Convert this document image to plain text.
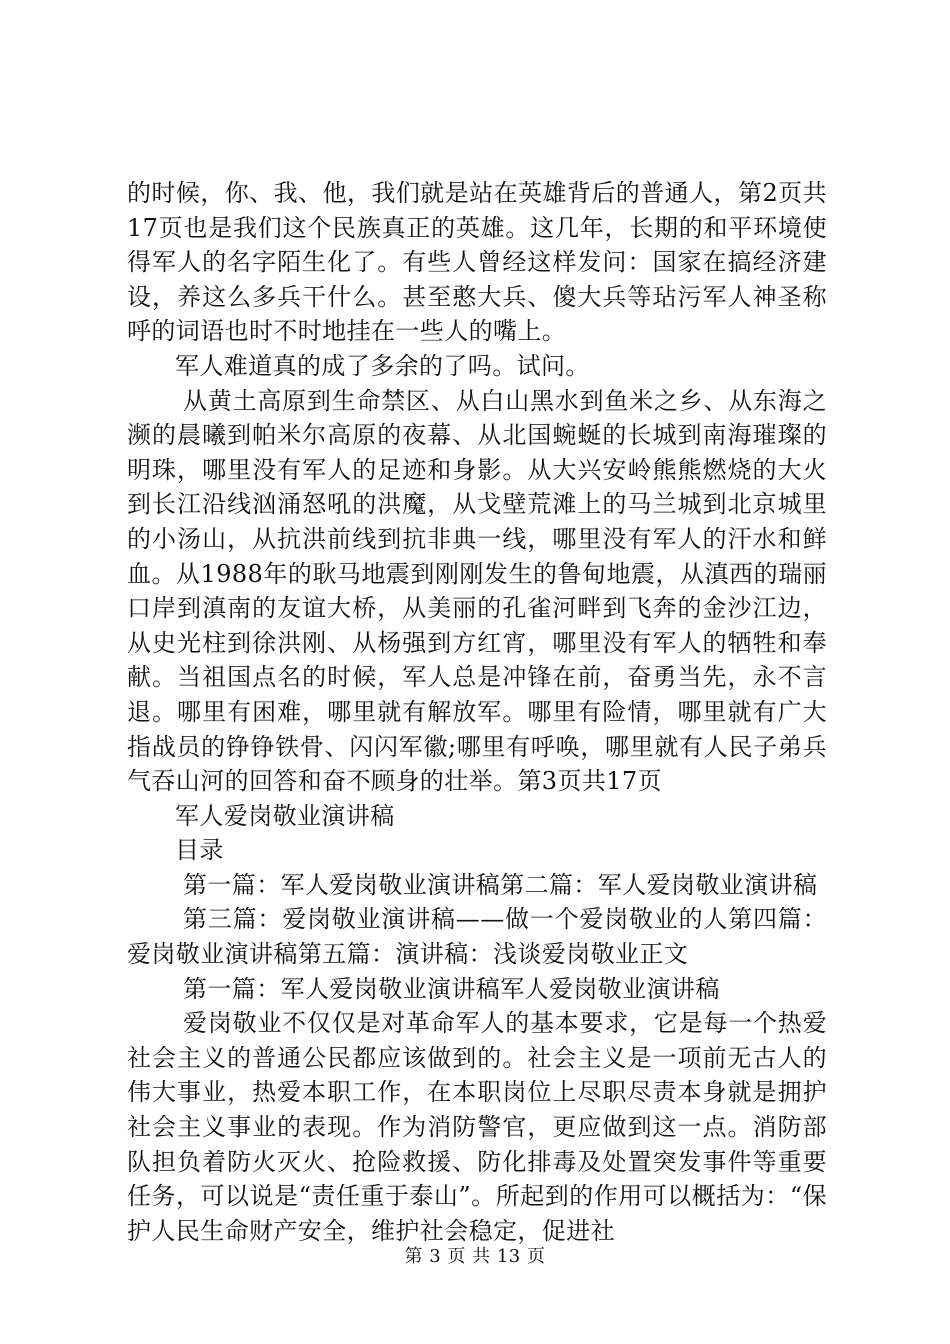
的时候，你、我、他，我们就是站在英雄背后的普通人，第2页共17页也是我们这个民族真正的英雄。这几年，长期的和平环境使得军人的名字陌生化了。有些人曾经这样发问：国家在搞经济建设，养这么多兵干什么。甚至憨大兵、傻大兵等玷污军人神圣称呼的词语也时不时地挂在一些人的嘴上。

军人难道真的成了多余的了吗。试问。

从黄土高原到生命禁区、从白山黑水到鱼米之乡、从东海之濒的晨曦到帕米尔高原的夜幕、从北国蜿蜒的长城到南海璀璨的明珠，哪里没有军人的足迹和身影。从大兴安岭熊熊燃烧的大火到长江沿线汹涌怒吼的洪魔，从戈壁荒滩上的马兰城到北京城里的小汤山，从抗洪前线到抗非典一线，哪里没有军人的汗水和鲜血。从1988年的耿马地震到刚刚发生的鲁甸地震，从滇西的瑞丽口岸到滇南的友谊大桥，从美丽的孔雀河畔到飞奔的金沙江边，从史光柱到徐洪刚、从杨强到方红宵，哪里没有军人的牺牲和奉献。当祖国点名的时候，军人总是冲锋在前，奋勇当先，永不言退。哪里有困难，哪里就有解放军。哪里有险情，哪里就有广大指战员的铮铮铁骨、闪闪军徽;哪里有呼唤，哪里就有人民子弟兵气吞山河的回答和奋不顾身的壮举。第3页共17页

军人爱岗敬业演讲稿

目录

第一篇：军人爱岗敬业演讲稿第二篇：军人爱岗敬业演讲稿

第三篇：爱岗敬业演讲稿——做一个爱岗敬业的人第四篇：爱岗敬业演讲稿第五篇：演讲稿：浅谈爱岗敬业正文

第一篇：军人爱岗敬业演讲稿军人爱岗敬业演讲稿

爱岗敬业不仅仅是对革命军人的基本要求，它是每一个热爱社会主义的普通公民都应该做到的。社会主义是一项前无古人的伟大事业，热爱本职工作，在本职岗位上尽职尽责本身就是拥护社会主义事业的表现。作为消防警官，更应做到这一点。消防部队担负着防火灭火、抢险救援、防化排毒及处置突发事件等重要任务，可以说是“责任重于泰山”。所起到的作用可以概括为：“保护人民生命财产安全，维护社会稳定，促进社

第 3 页 共 13 页
